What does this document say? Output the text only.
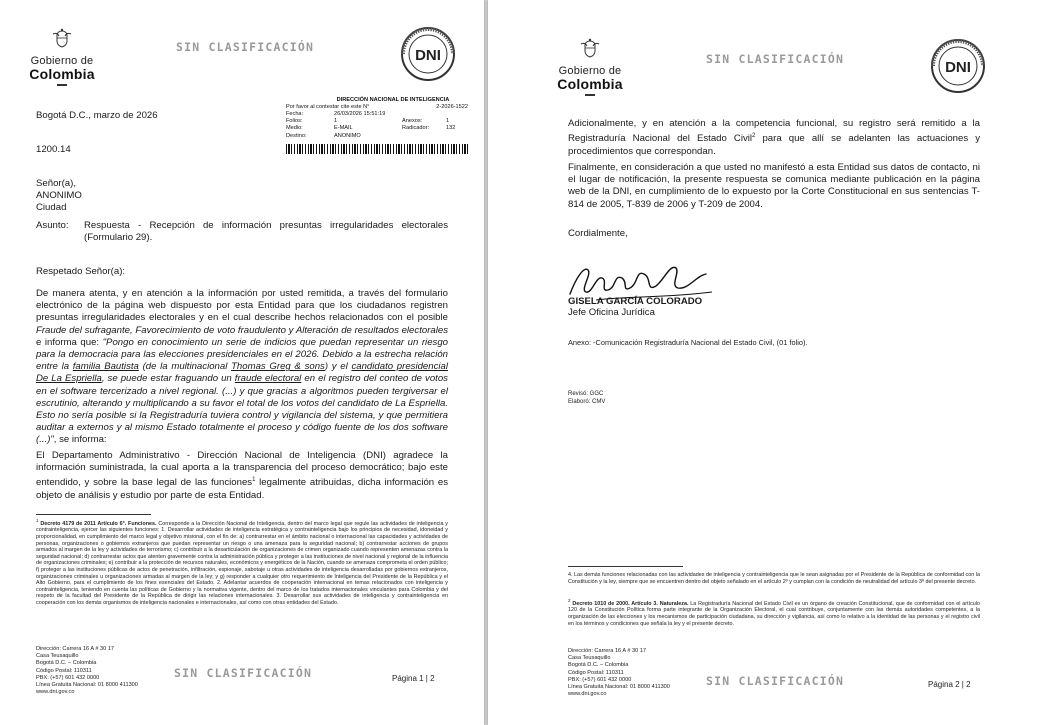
Gobierno de
Colombia
SIN CLASIFICACIÓN	DNI
Bogotá D.C., marzo de 2026
1200.14
DIRECCIÓN NACIONAL DE INTELIGENCIA
Por favor al contestar cite este N°	2-2026-1522
Fecha:	26/03/2026 15:51:19		
Folios:	1	Anexos:	1
Medio:	E-MAIL	Radicador:	132
Destino:	ANONIMO		
Señor(a),
ANONIMO
Ciudad
Asunto:	Respuesta - Recepción de información presuntas irregularidades electorales (Formulario 29).
Respetado Señor(a):
De manera atenta, y en atención a la información por usted remitida, a través del formulario electrónico de la página web dispuesto por esta Entidad para que los ciudadanos registren presuntas irregularidades electorales y en el cual describe hechos relacionados con el posible Fraude del sufragante, Favorecimiento de voto fraudulento y Alteración de resultados electorales e informa que: "Pongo en conocimiento un serie de indicios que puedan representar un riesgo para la democracia para las elecciones presidenciales en el 2026. Debido a la estrecha relación entre la familia Bautista (de la multinacional Thomas Greg & sons) y el candidato presidencial De La Espriella, se puede estar fraguando un fraude electoral en el registro del conteo de votos en el software tercerizado a nivel regional. (...) y que gracias a algoritmos pueden tergiversar el escrutinio, alterando y multiplicando a su favor el total de los votos del candidato de La Espriella. Esto no sería posible si la Registraduría tuviera control y vigilancia del sistema, y que permitiera auditar a externos y al mismo Estado totalmente el proceso y código fuente de los dos software (...)", se informa:
El Departamento Administrativo - Dirección Nacional de Inteligencia (DNI) agradece la información suministrada, la cual aporta a la transparencia del proceso democrático; bajo este entendido, y sobre la base legal de las funciones$^1$ legalmente atribuidas, dicha información es objeto de análisis y estudio por parte de esta Entidad.
$^1$ Decreto 4179 de 2011 Artículo 6°. Funciones. Corresponde a la Dirección Nacional de Inteligencia, dentro del marco legal que regule las actividades de inteligencia y contrainteligencia, ejercer las siguientes funciones: 1. Desarrollar actividades de inteligencia estratégica y contrainteligencia bajo los principios de necesidad, idoneidad y proporcionalidad, en cumplimiento del marco legal y objetivo misional, con el fin de: a) contrarrestar en el ámbito nacional o internacional las capacidades y actividades de personas, organizaciones o gobiernos extranjeros que puedan representar un riesgo o una amenaza para la seguridad nacional; b) contrarrestar acciones de grupos armados al margen de la ley y actividades de terrorismo; c) contribuir a la desarticulación de organizaciones de crimen organizado cuando representen amenazas contra la seguridad nacional; d) contrarrestar actos que atenten gravemente contra la administración pública y proteger a las instituciones de nivel nacional y regional de la influencia de organizaciones criminales; e) contribuir a la protección de recursos naturales, económicos y energéticos de la Nación, cuando se amenaza comprometa el orden público; f) proteger a las instituciones públicas de actos de penetración, infiltración, espionaje, sabotaje u otras actividades de inteligencia desarrolladas por gobiernos extranjeros, organizaciones criminales u organizaciones armadas al margen de la ley; y g) responder a cualquier otro requerimiento de Inteligencia del Presidente de la República y el Alto Gobierno, para el cumplimiento de los fines esenciales del Estado. 2. Adelantar acuerdos de cooperación internacional en temas relacionados con inteligencia y contrainteligencia, teniendo en cuenta las políticas de Gobierno y la normativa vigente, dentro del marco de los tratados internacionales vinculantes para Colombia y del respeto de la facultad del Presidente de la República de dirigir las relaciones internacionales. 3. Desarrollar sus actividades de inteligencia y contrainteligencia en cooperación con los demás organismos de inteligencia nacionales e internacionales, así como con otras entidades del Estado.
Dirección: Carrera 16 A # 30 17
Casa Teusaquillo
Bogotá D.C. – Colombia
Código Postal: 110311
PBX: (+57) 601 432 0000
Línea Gratuita Nacional: 01 8000 411300
www.dni.gov.co
SIN CLASIFICACIÓN	Página 1 | 2
Gobierno de
Colombia
SIN CLASIFICACIÓN	DNI
Adicionalmente, y en atención a la competencia funcional, su registro será remitido a la Registraduría Nacional del Estado Civil$^2$ para que allí se adelanten las actuaciones y procedimientos que correspondan.
Finalmente, en consideración a que usted no manifestó a esta Entidad sus datos de contacto, ni el lugar de notificación, la presente respuesta se comunica mediante publicación en la página web de la DNI, en cumplimiento de lo expuesto por la Corte Constitucional en sus sentencias T-814 de 2005, T-839 de 2006 y T-209 de 2004.
Cordialmente,
GISELA GARCÍA COLORADO
Jefe Oficina Jurídica
Anexo: -Comunicación Registraduría Nacional del Estado Civil, (01 folio).
Revisó: GGC
Elaboró: CMV
4. Las demás funciones relacionadas con las actividades de inteligencia y contrainteligencia que le sean asignadas por el Presidente de la República de conformidad con la Constitución y la ley, siempre que se encuentren dentro del objeto señalado en el artículo 2º y cumplan con la condición de neutralidad del artículo 3º del presente decreto.
$^2$ Decreto 1010 de 2000. Artículo 3. Naturaleza. La Registraduría Nacional del Estado Civil es un órgano de creación Constitucional, que de conformidad con el artículo 120 de la Constitución Política forma parte integrante de la Organización Electoral, el cual contribuye, conjuntamente con las demás autoridades competentes, a la organización de las elecciones y los mecanismos de participación ciudadana, su dirección y vigilancia, así como lo relativo a la identidad de las personas y el registro civil en los términos y condiciones que señala la ley y el presente decreto.
Dirección: Carrera 16 A # 30 17
Casa Teusaquillo
Bogotá D.C. – Colombia
Código Postal: 110311
PBX: (+57) 601 432 0000
Línea Gratuita Nacional: 01 8000 411300
www.dni.gov.co
SIN CLASIFICACIÓN	Página 2 | 2
